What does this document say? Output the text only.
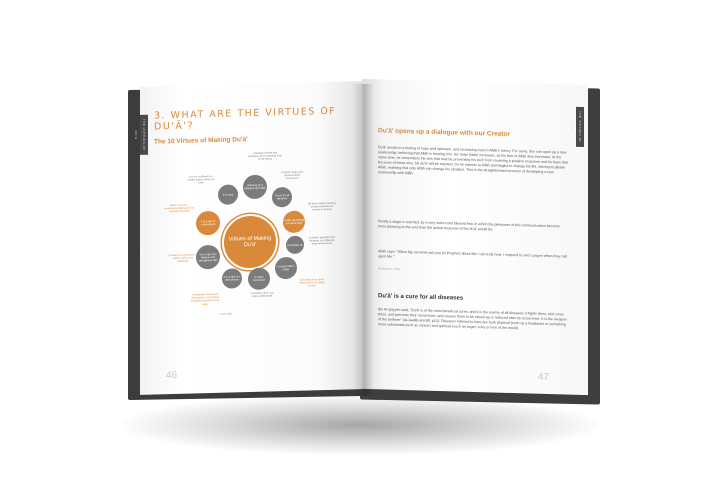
THE VIRTUES OF DU'A
3. WHAT ARE THE VIRTUES OF DU'Ā'?
The 10 Virtues of Making Du'ā'
Virtues of Making Du'ā'
Opening up a dialogue with Allāh
A cure for all diseases
It helps us manage our adversities
It humbles us
It repels Allāh's anger
It repels misfortune
It is a sign of a wise person
It is a sign of a believer and strengthens faith
It is a sign of contentment
It is easy
A feeling of hope and optimism and increasing trust in His mercy
It fights, cures and prevents their occurrence
Be more stable having a strong inclination to remain in turning
A distant appeals from increase our diligence and perseverance
Du'ā' descends down when one is not made to him
It answers du'ā' can repel a misfortune
A realisation that leads one's goals, and desires are being answered from Allāh
It leads to an optimism of Allāh's mercy and blessings
When a person remembers Allāh and is in worship and relief
It is not confined to a certain place, person or time
in the state
46
THE VIRTUES OF DU'A
Du'ā' opens up a dialogue with our Creator
Du'ā' results in a feeling of hope and optimism, and increasing trust in Allāh's mercy. For some, this can open up a new relationship, believing that Allāh is hearing him. His īmān (faith) increases, as his love of Allāh also increases. At the same time, he remembers his sins that may be preventing his du'ā' from receiving a positive response and he fears that because of these sins, his du'ā' will be rejected. So he repents to Allāh and begins to change his life, striving to please Allāh, realising that only Allāh can change his situation. This is the straightforward process of developing a new relationship with Allāh.
Finally a stage is reached, by a very select and blessed few, in which the pleasures of this communication become more pleasing to the soul than the actual response of the du'ā' would be.
Allāh says: "When My servants ask you (O Prophet) about Me: I am truly near. I respond to one's prayer when they call upon Me."
(al-Baqarah 2:186)
Du'ā' is a cure for all diseases
Ibn Al-Qayyim said, "Du'ā' is of the most beneficial cures, and it is the enemy of all diseases; it fights them, and cures them, and prevents their occurrence, and causes them to be raised up or reduced after its occurrence. It is the weapon of the believer" (al-Jawāb al-Kāfī, p10). Diseases referred to here are both physical (such as a headache or something more substantial such as cancer) and spiritual (such as anger, envy or love of the world).
47
